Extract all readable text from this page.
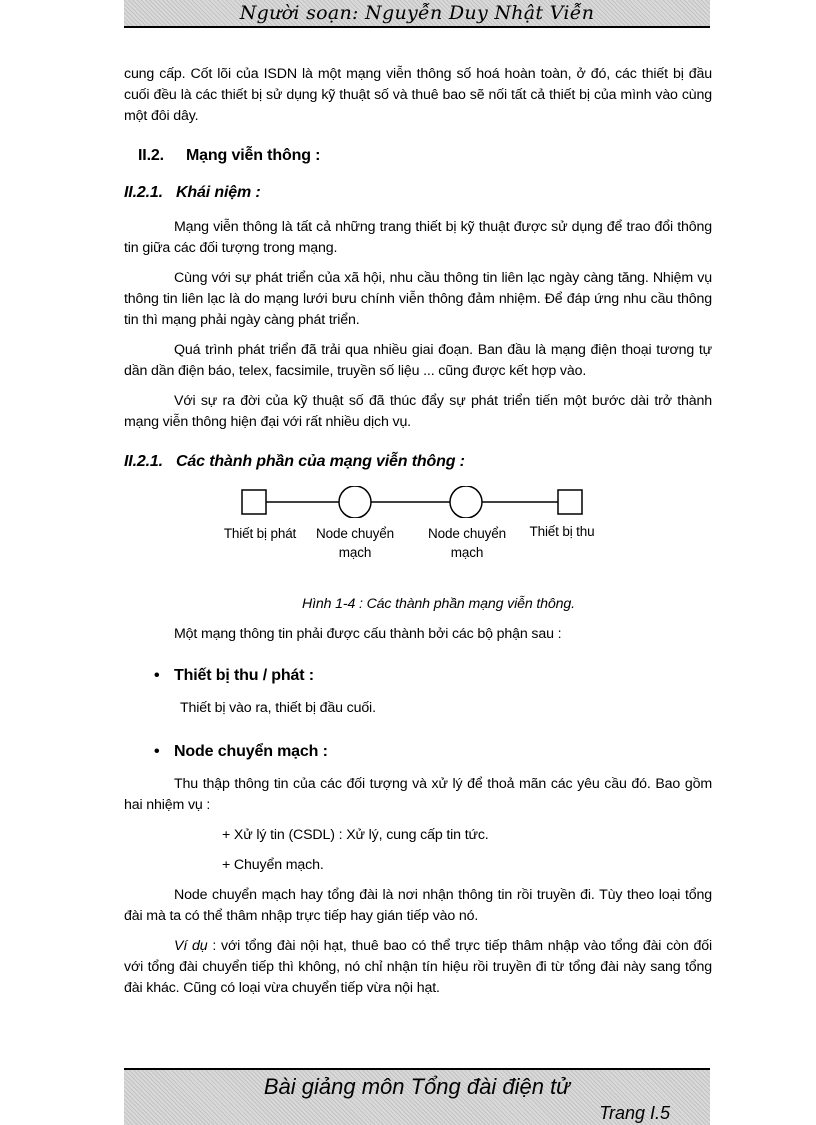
Người soạn: Nguyễn Duy Nhật Viễn

cung cấp. Cốt lõi của ISDN là một mạng viễn thông số hoá hoàn toàn, ở đó, các thiết bị đầu cuối đều là các thiết bị sử dụng kỹ thuật số và thuê bao sẽ nối tất cả thiết bị của mình vào cùng một đôi dây.

II.2. Mạng viễn thông :

II.2.1. Khái niệm :

Mạng viễn thông là tất cả những trang thiết bị kỹ thuật được sử dụng để trao đổi thông tin giữa các đối tượng trong mạng.

Cùng với sự phát triển của xã hội, nhu cầu thông tin liên lạc ngày càng tăng. Nhiệm vụ thông tin liên lạc là do mạng lưới bưu chính viễn thông đảm nhiệm. Để đáp ứng nhu cầu thông tin thì mạng phải ngày càng phát triển.

Quá trình phát triển đã trải qua nhiều giai đoạn. Ban đầu là mạng điện thoại tương tự dần dần điện báo, telex, facsimile, truyền số liệu ... cũng được kết hợp vào.

Với sự ra đời của kỹ thuật số đã thúc đẩy sự phát triển tiến một bước dài trở thành mạng viễn thông hiện đại với rất nhiều dịch vụ.

II.2.1. Các thành phần của mạng viễn thông :

Thiết bị phát	Node chuyển mạch
Node chuyển mạch
Thiết bị thu

Hình 1-4 : Các thành phần mạng viễn thông.

Một mạng thông tin phải được cấu thành bởi các bộ phận sau :

• Thiết bị thu / phát :

Thiết bị vào ra, thiết bị đầu cuối.

• Node chuyển mạch :

Thu thập thông tin của các đối tượng và xử lý để thoả mãn các yêu cầu đó. Bao gồm hai nhiệm vụ :

+ Xử lý tin (CSDL) : Xử lý, cung cấp tin tức.

+ Chuyển mạch.

Node chuyển mạch hay tổng đài là nơi nhận thông tin rồi truyền đi. Tùy theo loại tổng đài mà ta có thể thâm nhập trực tiếp hay gián tiếp vào nó.

Ví dụ : với tổng đài nội hạt, thuê bao có thể trực tiếp thâm nhập vào tổng đài còn đối với tổng đài chuyển tiếp thì không, nó chỉ nhận tín hiệu rồi truyền đi từ tổng đài này sang tổng đài khác. Cũng có loại vừa chuyển tiếp vừa nội hạt.

Bài giảng môn Tổng đài điện tử
Trang I.5
